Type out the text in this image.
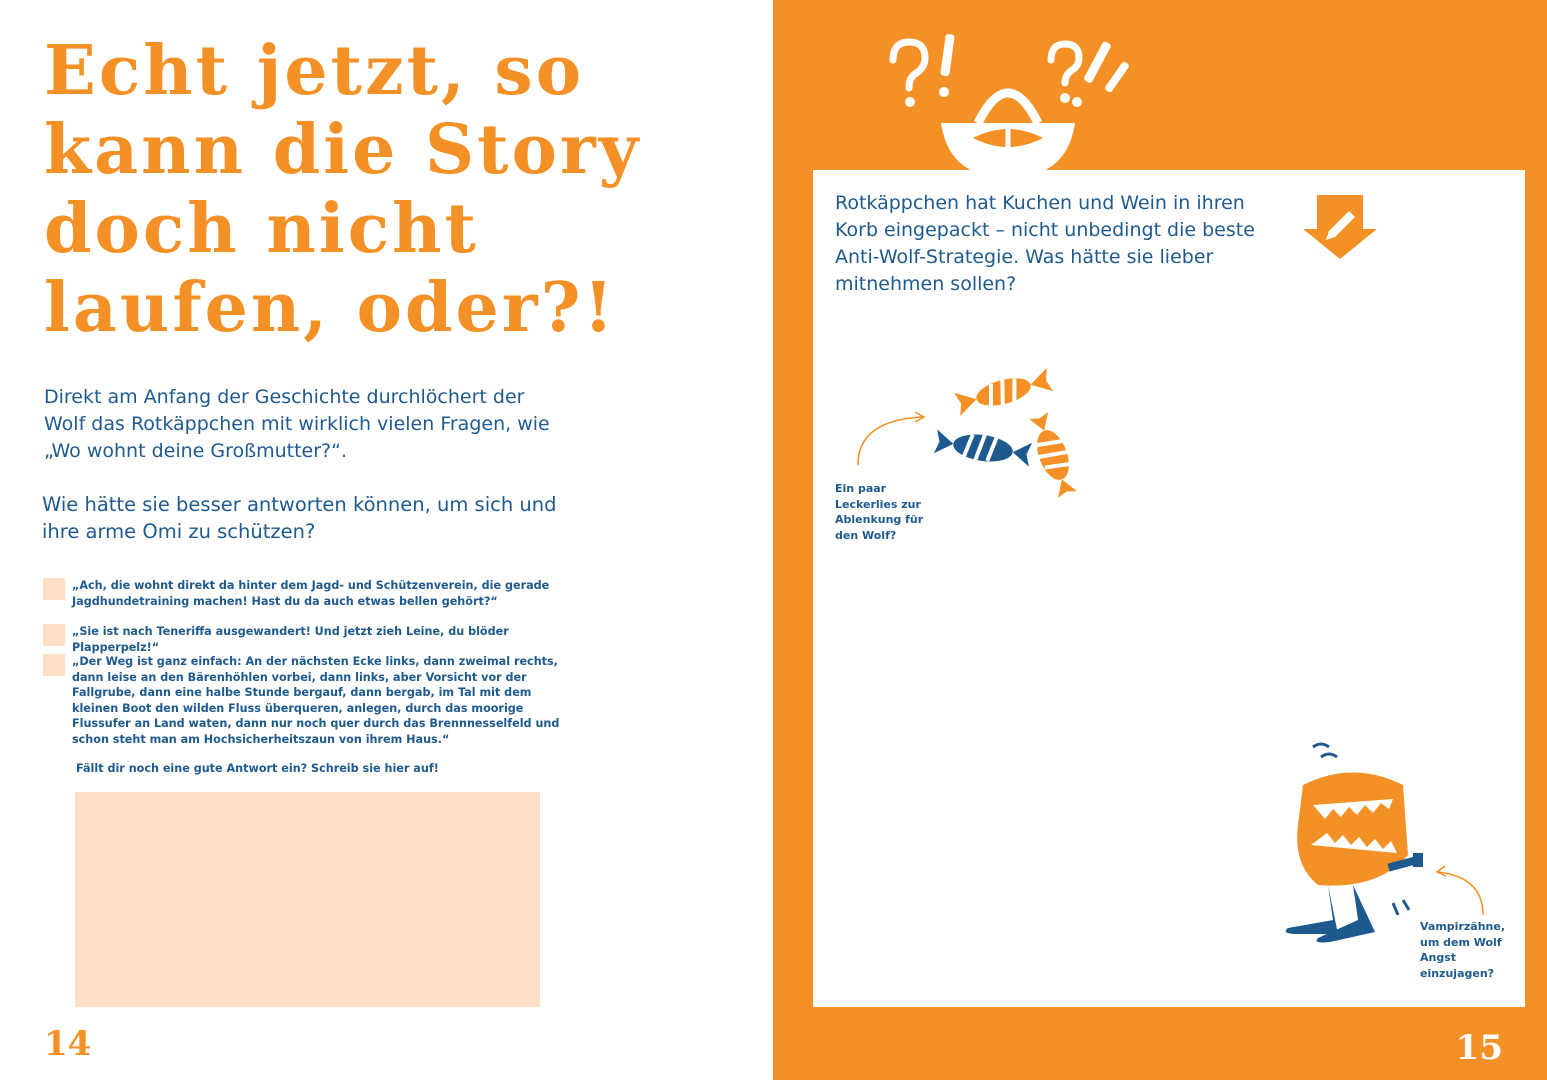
Echt jetzt, so
kann die Story
doch nicht
laufen, oder?!

Direkt am Anfang der Geschichte durchlöchert der Wolf das Rotkäppchen mit wirklich vielen Fragen, wie „Wo wohnt deine Großmutter?“.

Wie hätte sie besser antworten können, um sich und ihre arme Omi zu schützen?

„Ach, die wohnt direkt da hinter dem Jagd- und Schützenverein, die gerade Jagdhundetraining machen! Hast du da auch etwas bellen gehört?“
„Sie ist nach Teneriffa ausgewandert! Und jetzt zieh Leine, du blöder Plapperpelz!“
„Der Weg ist ganz einfach: An der nächsten Ecke links, dann zweimal rechts, dann leise an den Bärenhöhlen vorbei, dann links, aber Vorsicht vor der Fallgrube, dann eine halbe Stunde bergauf, dann bergab, im Tal mit dem kleinen Boot den wilden Fluss überqueren, anlegen, durch das moorige Flussufer an Land waten, dann nur noch quer durch das Brennnesselfeld und schon steht man am Hochsicherheitszaun von ihrem Haus.“

Fällt dir noch eine gute Antwort ein? Schreib sie hier auf!

14

Rotkäppchen hat Kuchen und Wein in ihren Korb eingepackt – nicht unbedingt die beste Anti-Wolf-Strategie. Was hätte sie lieber mitnehmen sollen?

Ein paar Leckerlies zur Ablenkung für den Wolf?

Vampirzähne, um dem Wolf Angst einzujagen?

15
